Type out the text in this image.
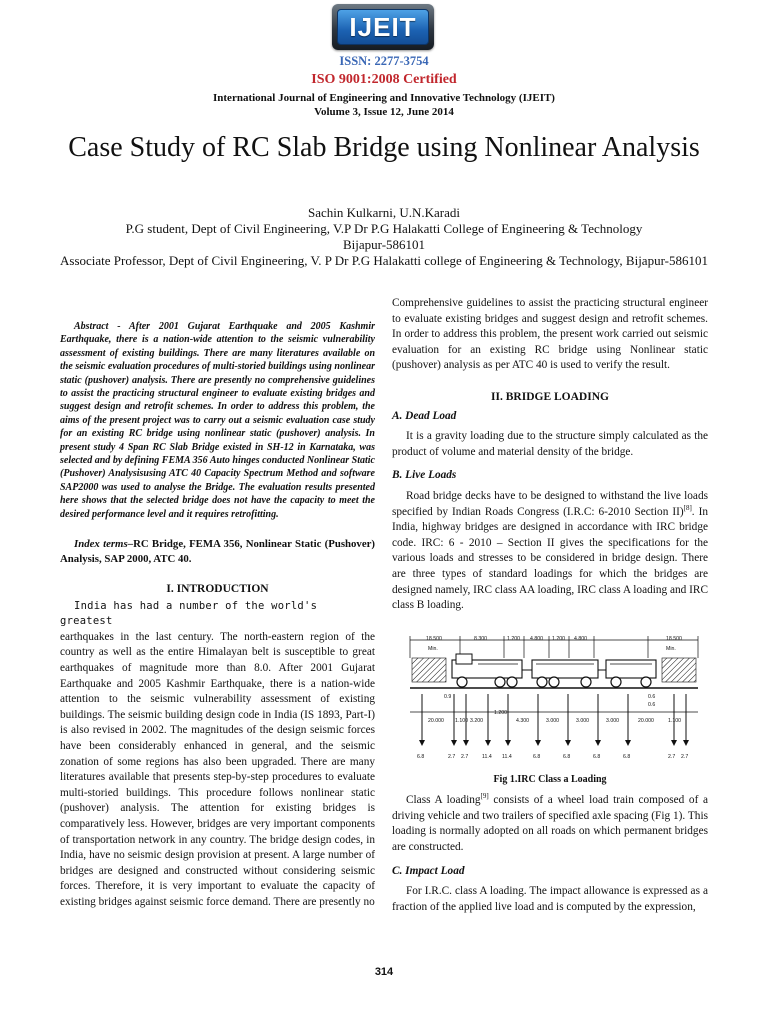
IJEIT
ISSN: 2277-3754
ISO 9001:2008 Certified
International Journal of Engineering and Innovative Technology (IJEIT)
Volume 3, Issue 12, June 2014
Case Study of RC Slab Bridge using Nonlinear Analysis
Sachin Kulkarni, U.N.Karadi
P.G student, Dept of Civil Engineering, V.P Dr P.G Halakatti College of Engineering & Technology
Bijapur-586101
Associate Professor, Dept of Civil Engineering, V. P Dr P.G Halakatti college of Engineering & Technology, Bijapur-586101

Abstract - After 2001 Gujarat Earthquake and 2005 Kashmir Earthquake, there is a nation-wide attention to the seismic vulnerability assessment of existing buildings. There are many literatures available on the seismic evaluation procedures of multi-storied buildings using nonlinear static (pushover) analysis. There are presently no comprehensive guidelines to assist the practicing structural engineer to evaluate existing bridges and suggest design and retrofit schemes. In order to address this problem, the aims of the present project was to carry out a seismic evaluation case study for an existing RC bridge using nonlinear static (pushover) analysis. In present study 4 Span RC Slab Bridge existed in SH-12 in Karnataka, was selected and by defining FEMA 356 Auto hinges conducted Nonlinear Static (Pushover) Analysisusing ATC 40 Capacity Spectrum Method and software SAP2000 was used to analyse the Bridge. The evaluation results presented here shows that the selected bridge does not have the capacity to meet the desired performance level and it requires retrofitting.

Index terms–RC Bridge, FEMA 356, Nonlinear Static (Pushover) Analysis, SAP 2000, ATC 40.

I. INTRODUCTION
India has had a number of the world's greatest

earthquakes in the last century. The north-eastern region of the country as well as the entire Himalayan belt is susceptible to great earthquakes of magnitude more than 8.0. After 2001 Gujarat Earthquake and 2005 Kashmir Earthquake, there is a nation-wide attention to the seismic vulnerability assessment of existing buildings. The seismic building design code in India (IS 1893, Part-I) is also revised in 2002. The magnitudes of the design seismic forces have been considerably enhanced in general, and the seismic zonation of some regions has also been upgraded. There are many literatures available that presents step-by-step procedures to evaluate multi-storied buildings. This procedure follows nonlinear static (pushover) analysis. The attention for existing bridges is comparatively less. However, bridges are very important components of transportation network in any country. The bridge design codes, in India, have no seismic design provision at present. A large number of bridges are designed and constructed without considering seismic forces. Therefore, it is very important to evaluate the capacity of existing bridges against seismic force demand. There are presently no

Comprehensive guidelines to assist the practicing structural engineer to evaluate existing bridges and suggest design and retrofit schemes. In order to address this problem, the present work carried out seismic evaluation for an existing RC bridge using Nonlinear static (pushover) analysis as per ATC 40 is used to verify the result.

II. BRIDGE LOADING
A. Dead Load

It is a gravity loading due to the structure simply calculated as the product of volume and material density of the bridge.

B. Live Loads

Road bridge decks have to be designed to withstand the live loads specified by Indian Roads Congress (I.R.C: 6-2010 Section II)[8]. In India, highway bridges are designed in accordance with IRC bridge code. IRC: 6 - 2010 – Section II gives the specifications for the various loads and stresses to be considered in bridge design. There are three types of standard loadings for which the bridges are designed namely, IRC class AA loading, IRC class A loading and IRC class B loading.

18.500	8.300	1.200 4.800 1.200 4.800	18.500
Min.	Min.
0.9	0.6
0.6
20.000 1.100 3.200
1.200
4.300	3.000	3.000	3.000	20.000	1.100
6.8	2.7 2.7	11.4 11.4	6.8	6.8	6.8	6.8	2.7 2.7
Fig 1.IRC Class a Loading

Class A loading[9] consists of a wheel load train composed of a driving vehicle and two trailers of specified axle spacing (Fig 1). This loading is normally adopted on all roads on which permanent bridges are constructed.

C. Impact Load

For I.R.C. class A loading. The impact allowance is expressed as a fraction of the applied live load and is computed by the expression,

314
